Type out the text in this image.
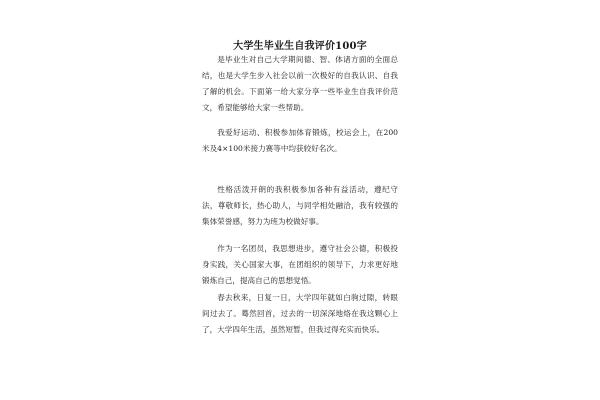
大学生毕业生自我评价100字

是毕业生对自己大学期间德、智、体诸方面的全面总结，也是大学生步入社会以前一次极好的自我认识、自我了解的机会。下面第一给大家分享一些毕业生自我评价范文，希望能够给大家一些帮助。

我爱好运动、积极参加体育锻炼，校运会上，在200米及4×100米接力赛等中均获较好名次。

性格活泼开朗的我积极参加各种有益活动，遵纪守法，尊敬师长，热心助人，与同学相处融洽，我有较强的集体荣誉感，努力为班为校做好事。

作为一名团员，我思想进步，遵守社会公德，积极投身实践，关心国家大事，在团组织的领导下，力求更好地锻炼自己，提高自己的思想觉悟。

春去秋来，日复一日，大学四年就如白驹过隙，转眼间过去了。蓦然回首，过去的一切深深地烙在我这颗心上了，大学四年生活，虽然短暂，但我过得充实而快乐。
